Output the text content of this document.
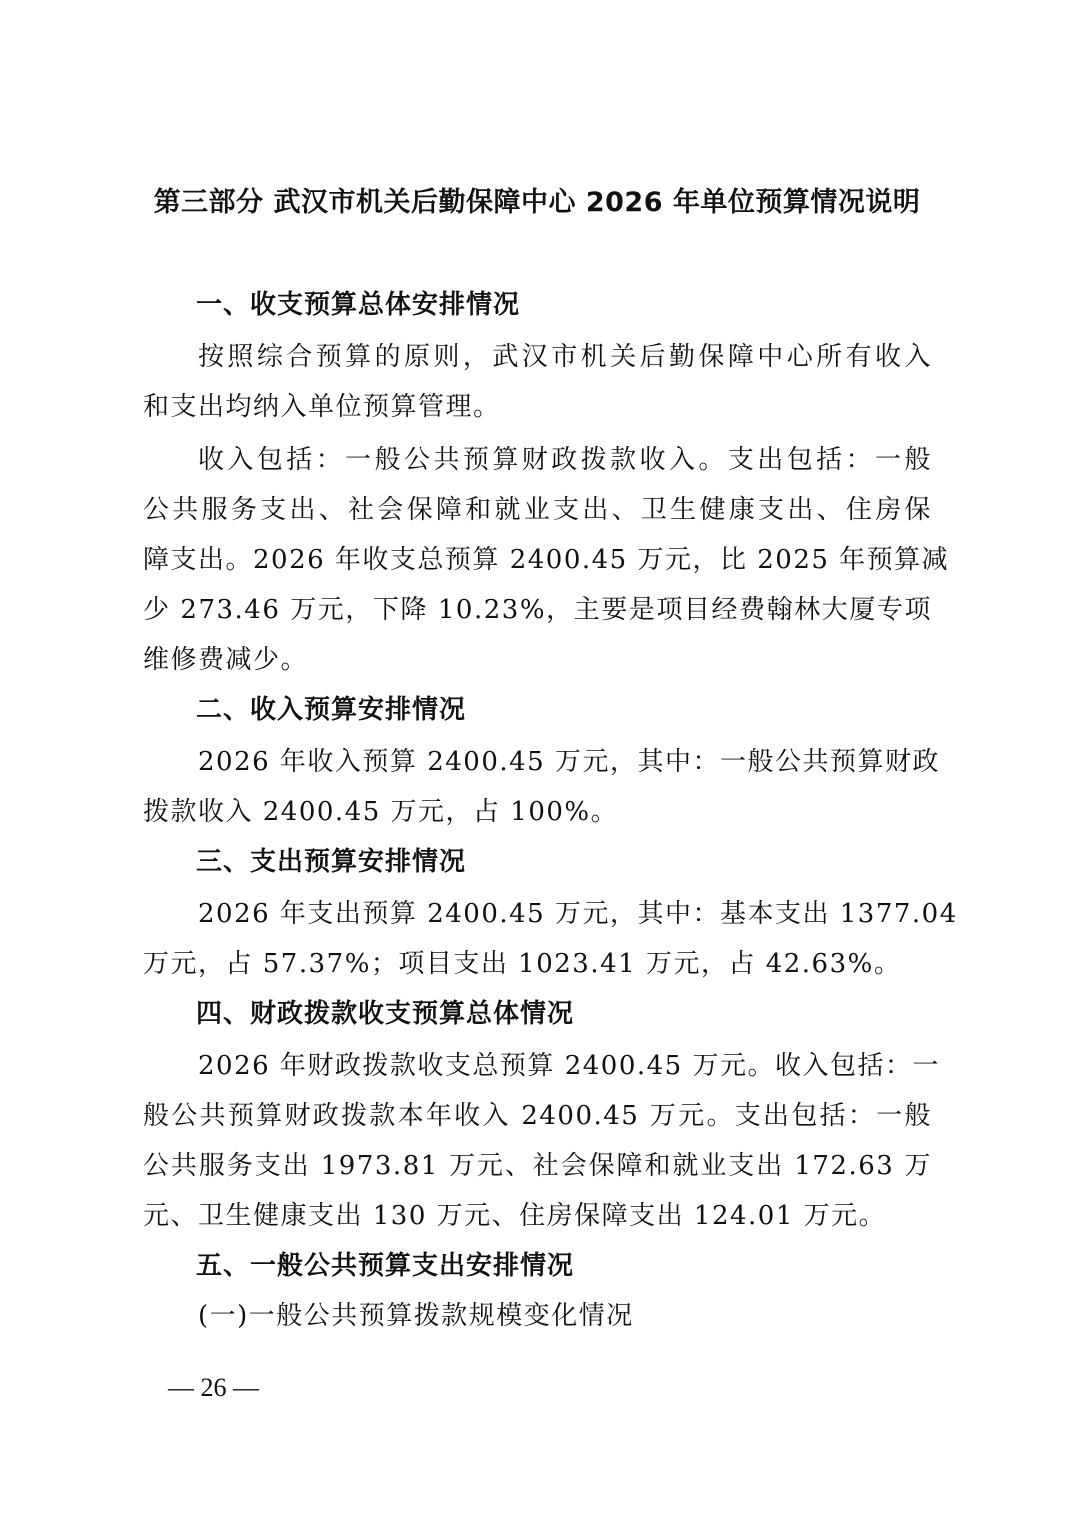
第三部分 武汉市机关后勤保障中心 2026 年单位预算情况说明
一、收支预算总体安排情况
按照综合预算的原则，武汉市机关后勤保障中心所有收入
和支出均纳入单位预算管理。
收入包括：一般公共预算财政拨款收入。支出包括：一般
公共服务支出、社会保障和就业支出、卫生健康支出、住房保
障支出。2026 年收支总预算 2400.45 万元，比 2025 年预算减
少 273.46 万元，下降 10.23%，主要是项目经费翰林大厦专项
维修费减少。
二、收入预算安排情况
2026 年收入预算 2400.45 万元，其中：一般公共预算财政
拨款收入 2400.45 万元，占 100%。
三、支出预算安排情况
2026 年支出预算 2400.45 万元，其中：基本支出 1377.04
万元，占 57.37%；项目支出 1023.41 万元，占 42.63%。
四、财政拨款收支预算总体情况
2026 年财政拨款收支总预算 2400.45 万元。收入包括：一
般公共预算财政拨款本年收入 2400.45 万元。支出包括：一般
公共服务支出 1973.81 万元、社会保障和就业支出 172.63 万
元、卫生健康支出 130 万元、住房保障支出 124.01 万元。
五、一般公共预算支出安排情况
(一)一般公共预算拨款规模变化情况
— 26 —
